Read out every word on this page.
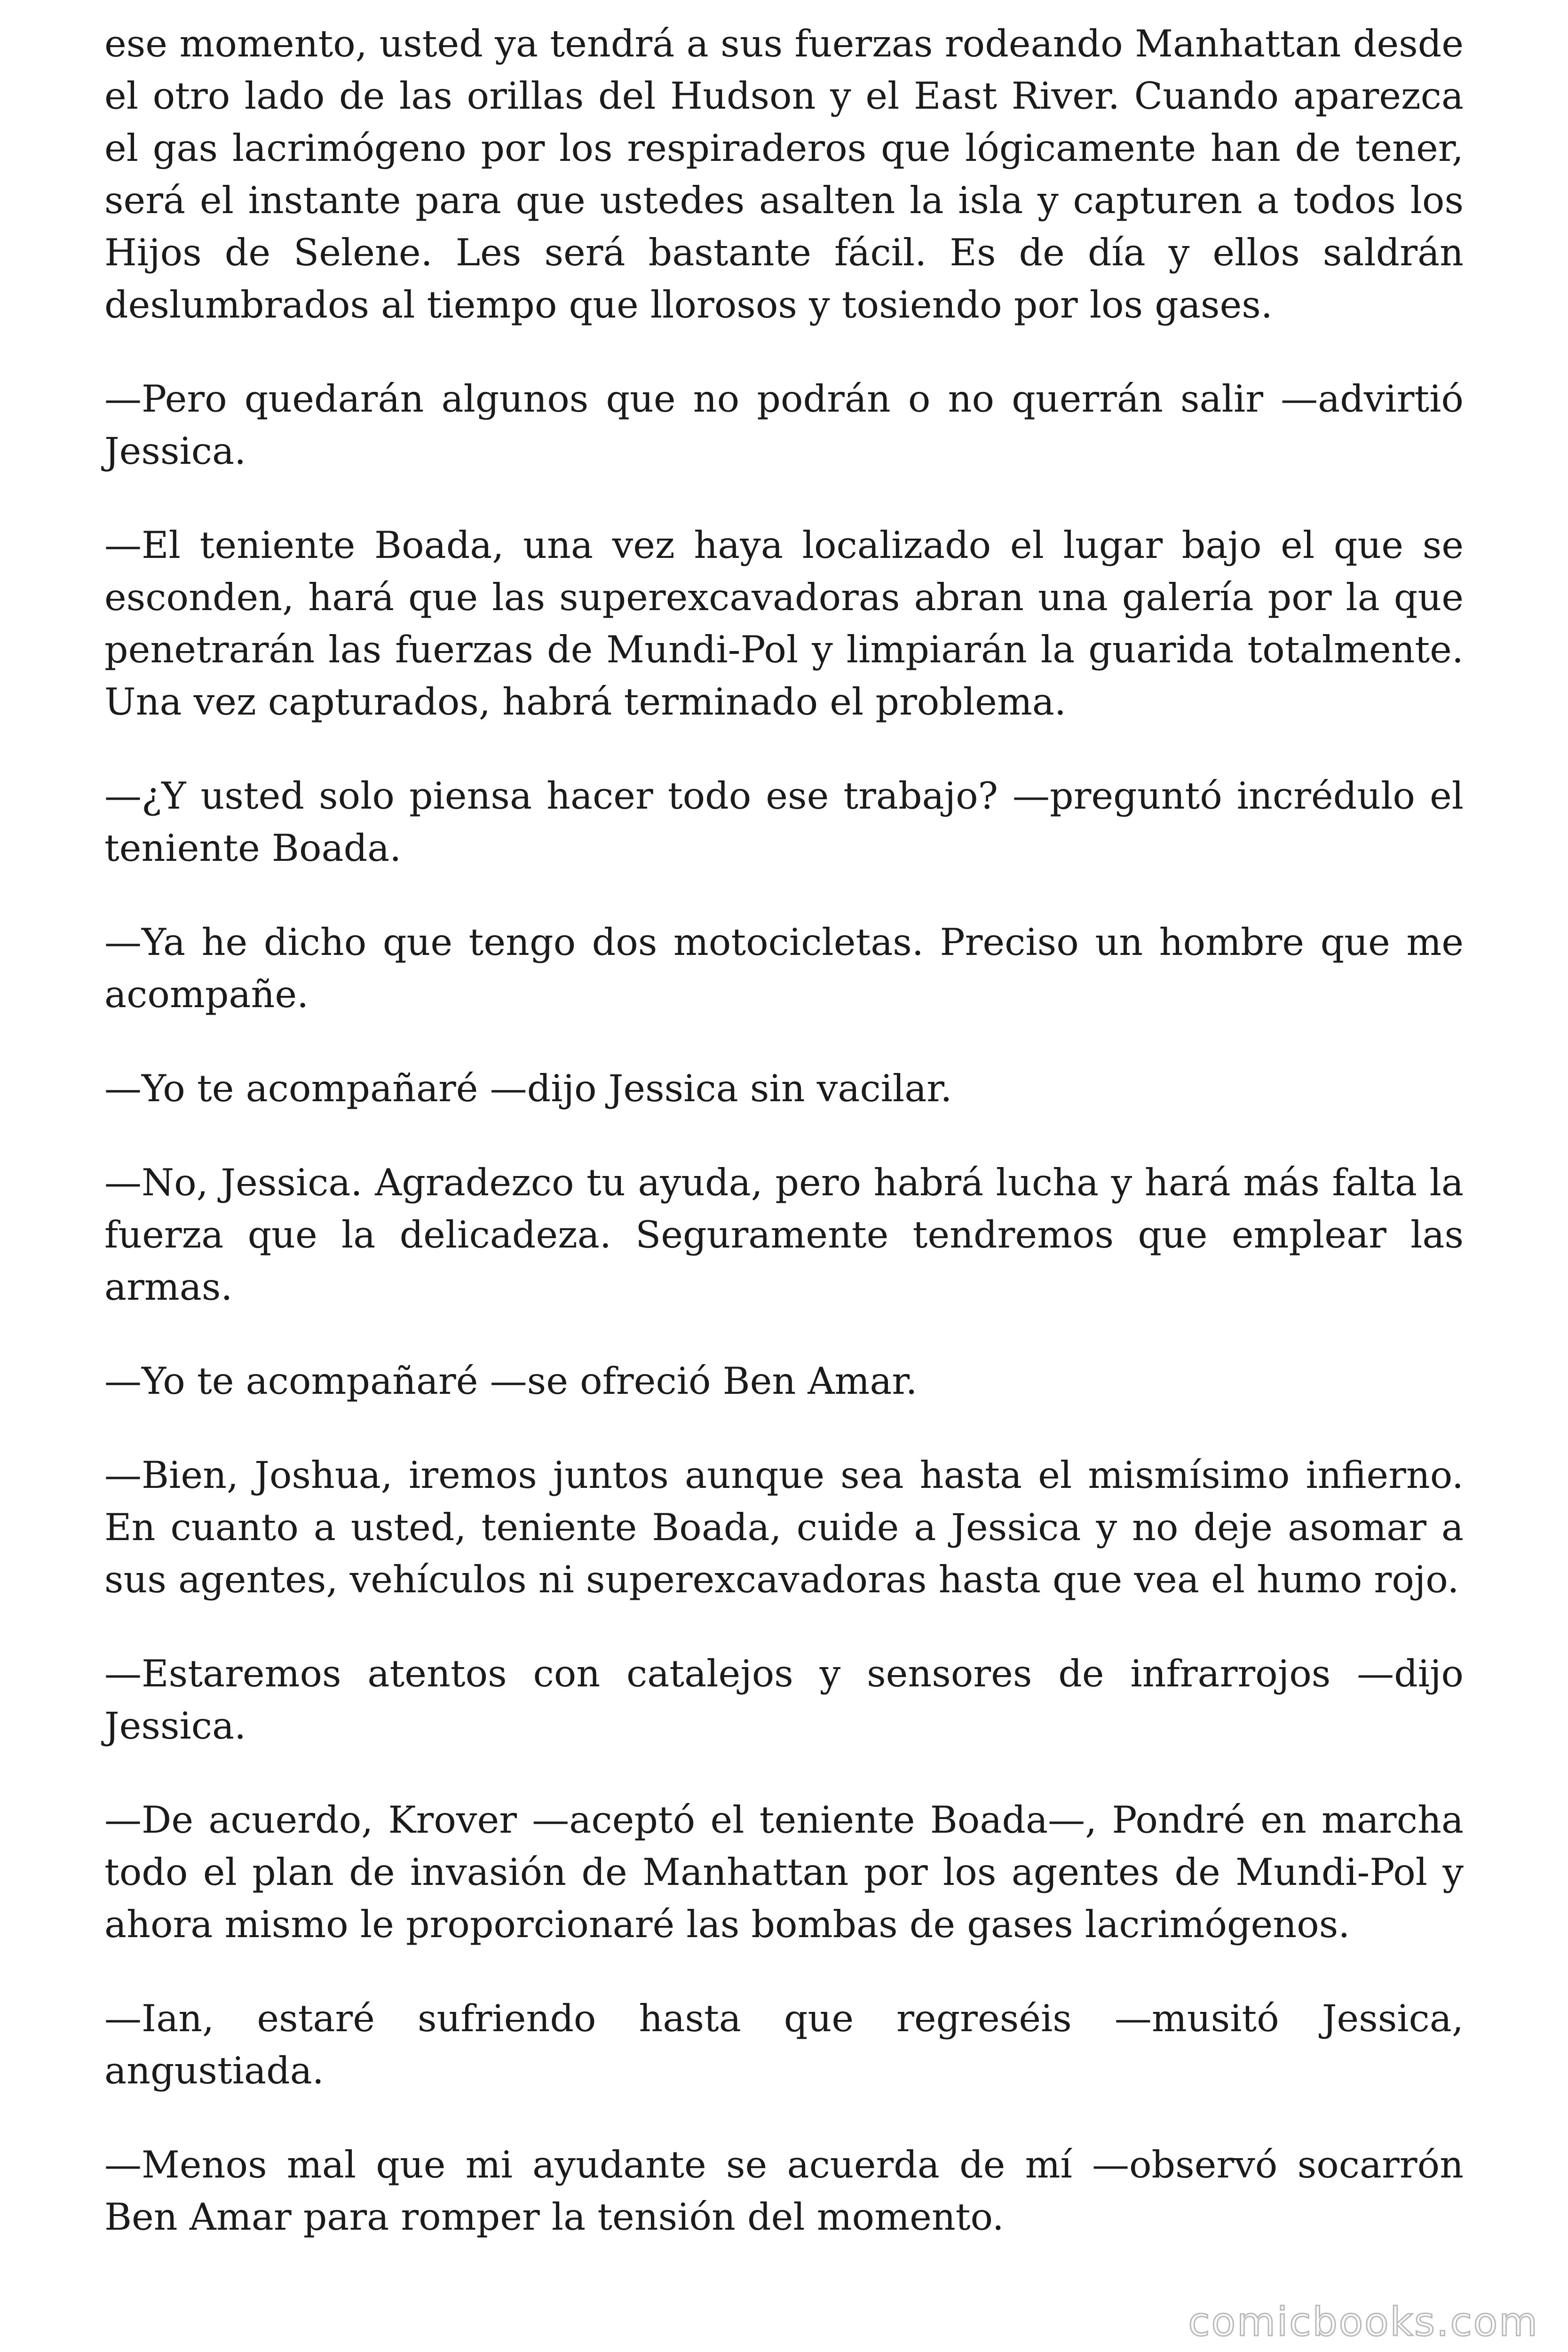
ese momento, usted ya tendrá a sus fuerzas rodeando Manhattan desde el otro lado de las orillas del Hudson y el East River. Cuando aparezca el gas lacrimógeno por los respiraderos que lógicamente han de tener, será el instante para que ustedes asalten la isla y capturen a todos los Hijos de Selene. Les será bastante fácil. Es de día y ellos saldrán deslumbrados al tiempo que llorosos y tosiendo por los gases.

—Pero quedarán algunos que no podrán o no querrán salir —advirtió Jessica.

—El teniente Boada, una vez haya localizado el lugar bajo el que se esconden, hará que las superexcavadoras abran una galería por la que penetrarán las fuerzas de Mundi-Pol y limpiarán la guarida totalmente. Una vez capturados, habrá terminado el problema.

—¿Y usted solo piensa hacer todo ese trabajo? —preguntó incrédulo el teniente Boada.

—Ya he dicho que tengo dos motocicletas. Preciso un hombre que me acompañe.

—Yo te acompañaré —dijo Jessica sin vacilar.

—No, Jessica. Agradezco tu ayuda, pero habrá lucha y hará más falta la fuerza que la delicadeza. Seguramente tendremos que emplear las armas.

—Yo te acompañaré —se ofreció Ben Amar.

—Bien, Joshua, iremos juntos aunque sea hasta el mismísimo infierno. En cuanto a usted, teniente Boada, cuide a Jessica y no deje asomar a sus agentes, vehículos ni superexcavadoras hasta que vea el humo rojo.

—Estaremos atentos con catalejos y sensores de infrarrojos —dijo Jessica.

—De acuerdo, Krover —aceptó el teniente Boada—, Pondré en marcha todo el plan de invasión de Manhattan por los agentes de Mundi-Pol y ahora mismo le proporcionaré las bombas de gases lacrimógenos.

—Ian, estaré sufriendo hasta que regreséis —musitó Jessica, angustiada.

—Menos mal que mi ayudante se acuerda de mí —observó socarrón Ben Amar para romper la tensión del momento.

comicbooks.com
